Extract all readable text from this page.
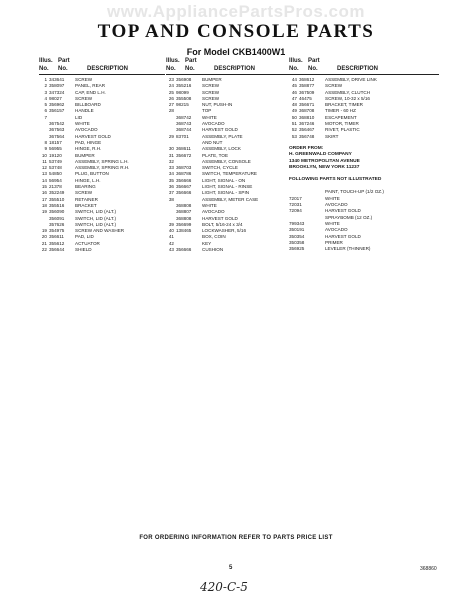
www.AppliancePartsPros.com
TOP AND CONSOLE PARTS
For Model CKB1400W1
Illus. Part
No. No.	DESCRIPTION
1 343641	SCREW
2 358097	PANEL, REAR
3 347324	CAP, END L.H.
4 98027	SCREW
5 356962	BILLBOARD
6 356157	HANDLE
7	LID
367542	WHITE
367563	AVOCADO
367564	HARVEST GOLD
8 18157	PAD, HINGE
9 56955	HINGE, R.H.
10 19120	BUMPER
11 53749	ASSEMBLY, SPRING L.H.
12 53748	ASSEMBLY, SPRING R.H.
13 54850	PLUG, BUTTON
14 56954	HINGE, L.H.
15 21378	BEARING
16 352249	SCREW
17 355510	RETAINER
18 355516	BRACKET
19 356090	SWITCH, LID (ALT.)
356091	SWITCH, LID (ALT.)
357626	SWITCH, LID (ALT.)
19 354975	SCREW AND WASHER
20 356611	PAD, LID
21 355612	ACTUATOR
22 356644	SHIELD
Illus. Part
No. No.	DESCRIPTION
23 356908	BUMPER
24 355216	SCREW
25 98099	SCREW
26 355508	SCREW
27 98215	NUT, PUSH-IN
28	TOP
368742	WHITE
368743	AVOCADO
368744	HARVEST GOLD
29 83701	ASSEMBLY, PLATE
AND NUT
30 368611	ASSEMBLY, LOCK
31 356672	PLATE, TOE
32	ASSEMBLY, CONSOLE
33 368703	SWITCH, CYCLE
34 368786	SWITCH, TEMPERATURE
35 356666	LIGHT, SIGNAL - ON
36 356667	LIGHT, SIGNAL - RINSE
37 356666	LIGHT, SIGNAL - SPIN
38	ASSEMBLY, METER CASE
368808	WHITE
368807	AVOCADO
368808	HARVEST GOLD
39 356699	BOLT, 5/16-24 x 3/4
40 138465	LOCKWASHER, 5/16
41	BOX, COIN
42	KEY
43 356666	CUSHION
Illus. Part
No. No.	DESCRIPTION
44 368612	ASSEMBLY, DRIVE LINK
45 358877	SCREW
46 367509	ASSEMBLY, CLUTCH
47 46475	SCREW, 10-32 x 5/16
48 356671	BRACKET, TIMER
49 368708	TIMER - 60 HZ
50 368810	ESCAPEMENT
51 367246	MOTOR, TIMER
52 356467	RIVET, PLASTIC
53 356748	SKIRT
ORDER FROM:
H. GREENWALD COMPANY
1340 METROPOLITAN AVENUE
BROOKLYN, NEW YORK 11237
FOLLOWING PARTS NOT ILLUSTRATED
PAINT, TOUCH-UP (1/2 OZ.)
72017	WHITE
72031	AVOCADO
72094	HARVEST GOLD
SPRAYBOMB (12 OZ.)
799343	WHITE
350191	AVOCADO
350354	HARVEST GOLD
350358	PRIMER
356925	LEVELER (THINNER)
FOR ORDERING INFORMATION REFER TO PARTS PRICE LIST
5	368860
420-C-5
